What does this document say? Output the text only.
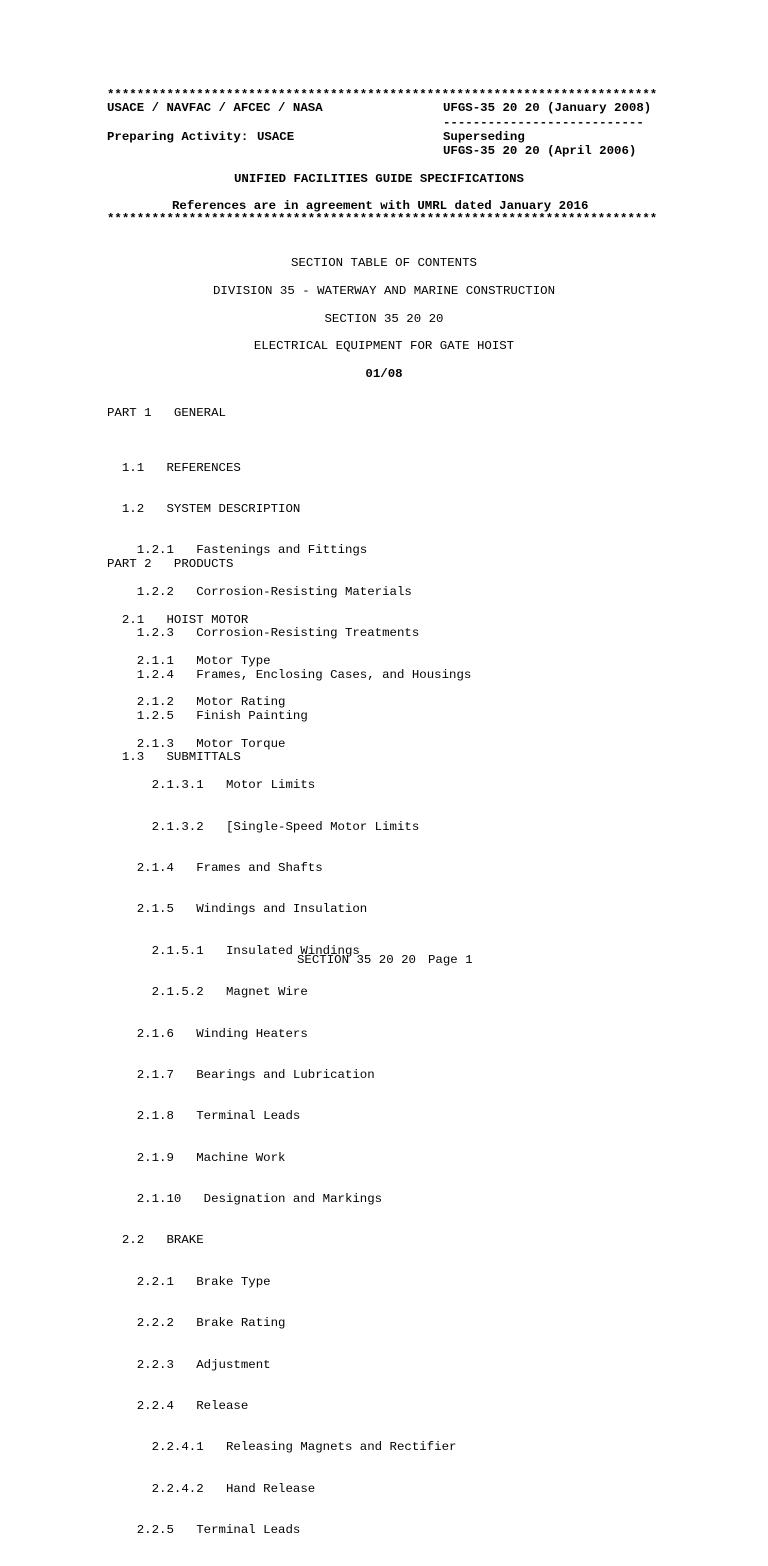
**************************************************************************
USACE / NAVFAC / AFCEC / NASA	UFGS-35 20 20 (January 2008)
---------------------------
Preparing Activity: USACE	Superseding
UFGS-35 20 20 (April 2006)
UNIFIED FACILITIES GUIDE SPECIFICATIONS
References are in agreement with UMRL dated January 2016
**************************************************************************
SECTION TABLE OF CONTENTS
DIVISION 35 - WATERWAY AND MARINE CONSTRUCTION
SECTION 35 20 20
ELECTRICAL EQUIPMENT FOR GATE HOIST
01/08
PART 1   GENERAL

1.1   REFERENCES

1.2   SYSTEM DESCRIPTION

1.2.1   Fastenings and Fittings

1.2.2   Corrosion-Resisting Materials

1.2.3   Corrosion-Resisting Treatments

1.2.4   Frames, Enclosing Cases, and Housings

1.2.5   Finish Painting

1.3   SUBMITTALS

PART 2   PRODUCTS

2.1   HOIST MOTOR

2.1.1   Motor Type

2.1.2   Motor Rating

2.1.3   Motor Torque

2.1.3.1   Motor Limits

2.1.3.2   [Single-Speed Motor Limits

2.1.4   Frames and Shafts

2.1.5   Windings and Insulation

2.1.5.1   Insulated Windings

2.1.5.2   Magnet Wire

2.1.6   Winding Heaters

2.1.7   Bearings and Lubrication

2.1.8   Terminal Leads

2.1.9   Machine Work

2.1.10   Designation and Markings

2.2   BRAKE

2.2.1   Brake Type

2.2.2   Brake Rating

2.2.3   Adjustment

2.2.4   Release

2.2.4.1   Releasing Magnets and Rectifier

2.2.4.2   Hand Release

2.2.5   Terminal Leads

SECTION 35 20 20 Page 1
